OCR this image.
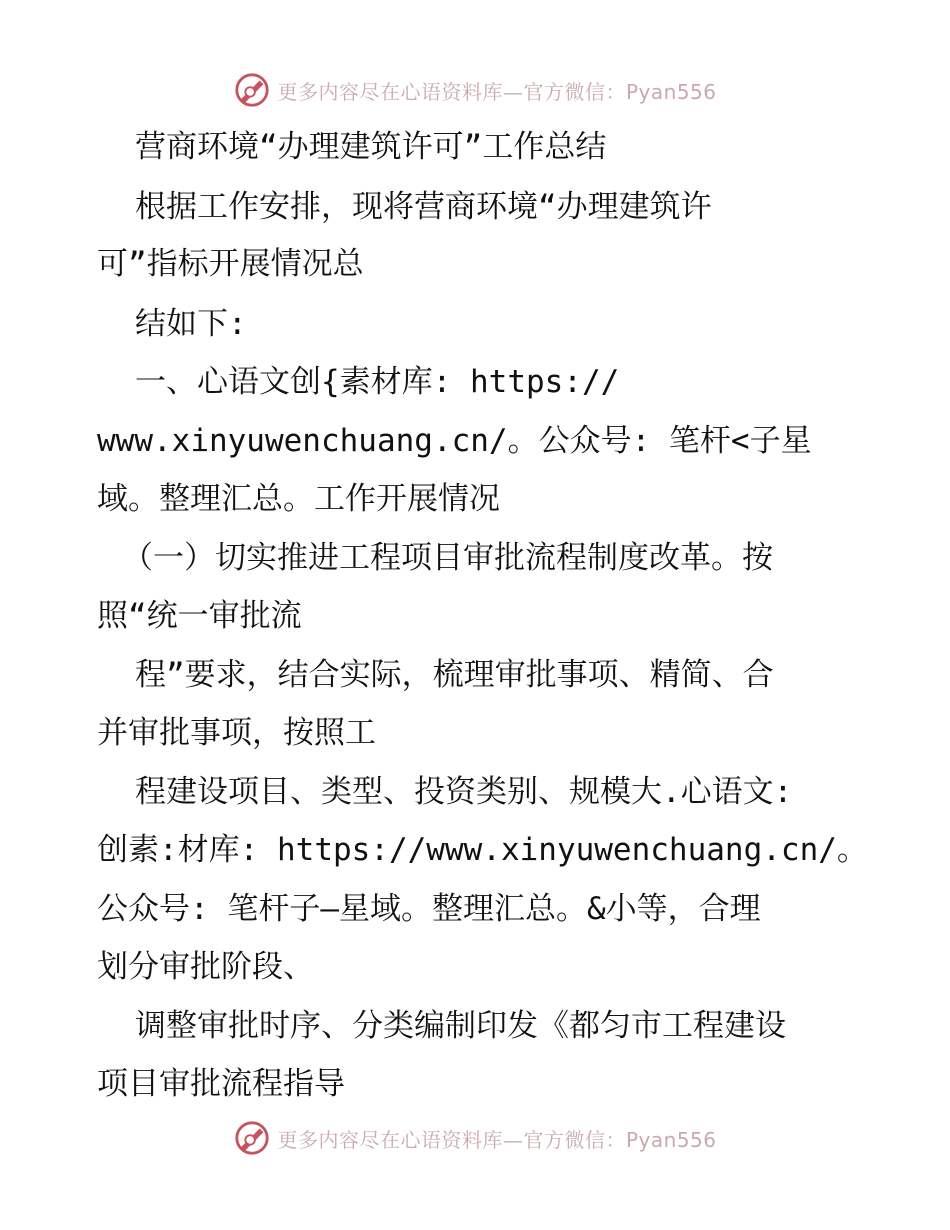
更多内容尽在心语资料库—官方微信：Pyan556
营商环境“办理建筑许可”工作总结
根据工作安排，现将营商环境“办理建筑许
可”指标开展情况总
结如下:
一、心语文创{素材库: https://
www.xinyuwenchuang.cn/。公众号: 笔杆<子星
域。整理汇总。工作开展情况
（一）切实推进工程项目审批流程制度改革。按
照“统一审批流
程”要求，结合实际，梳理审批事项、精简、合
并审批事项，按照工
程建设项目、类型、投资类别、规模大.心语文:
创素:材库: https://www.xinyuwenchuang.cn/。
公众号: 笔杆子—星域。整理汇总。&小等，合理
划分审批阶段、
调整审批时序、分类编制印发《都匀市工程建设
项目审批流程指导
更多内容尽在心语资料库—官方微信：Pyan556
